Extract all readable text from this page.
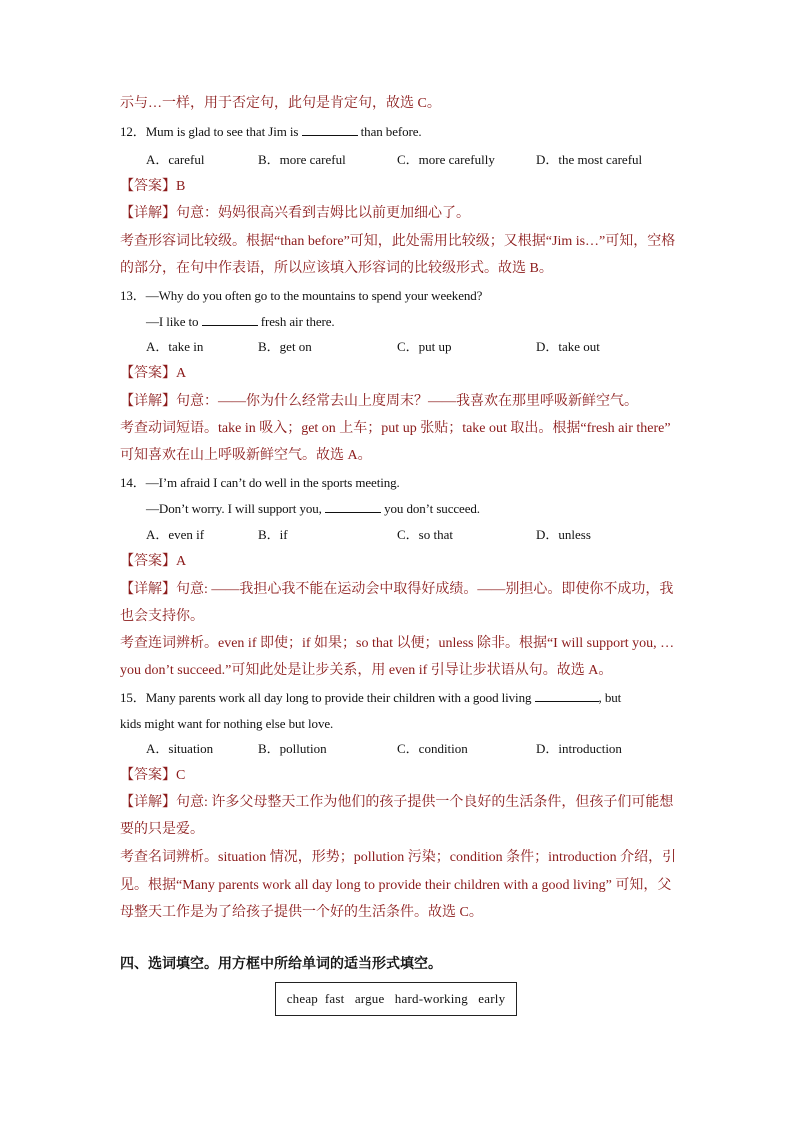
示与…一样，用于否定句，此句是肯定句，故选 C。
12．Mum is glad to see that Jim is	than before.
A．careful	B．more careful	C．more carefully	D．the most careful
【答案】B
【详解】句意：妈妈很高兴看到吉姆比以前更加细心了。
考查形容词比较级。根据“than before”可知，此处需用比较级；又根据“Jim is…”可知，空格
的部分，在句中作表语，所以应该填入形容词的比较级形式。故选 B。
13．—Why do you often go to the mountains to spend your weekend?
—I like to	fresh air there.
A．take in	B．get on	C．put up	D．take out
【答案】A
【详解】句意：——你为什么经常去山上度周末？——我喜欢在那里呼吸新鲜空气。
考查动词短语。take in 吸入；get on 上车；put up 张贴；take out 取出。根据“fresh air there”
可知喜欢在山上呼吸新鲜空气。故选 A。
14．—I’m afraid I can’t do well in the sports meeting.
—Don’t worry. I will support you,	you don’t succeed.
A．even if	B．if	C．so that	D．unless
【答案】A
【详解】句意: ——我担心我不能在运动会中取得好成绩。——别担心。即使你不成功，我
也会支持你。
考查连词辨析。even if 即使；if 如果；so that 以便；unless 除非。根据“I will support you, …
you don’t succeed.”可知此处是让步关系，用 even if 引导让步状语从句。故选 A。
15．Many parents work all day long to provide their children with a good living	, but
kids might want for nothing else but love.
A．situation	B．pollution	C．condition	D．introduction
【答案】C
【详解】句意: 许多父母整天工作为他们的孩子提供一个良好的生活条件，但孩子们可能想
要的只是爱。
考查名词辨析。situation 情况，形势；pollution 污染；condition 条件；introduction 介绍，引
见。根据“Many parents work all day long to provide their children with a good living” 可知，父
母整天工作是为了给孩子提供一个好的生活条件。故选 C。
四、选词填空。用方框中所给单词的适当形式填空。
cheap  fast   argue   hard-working   early
